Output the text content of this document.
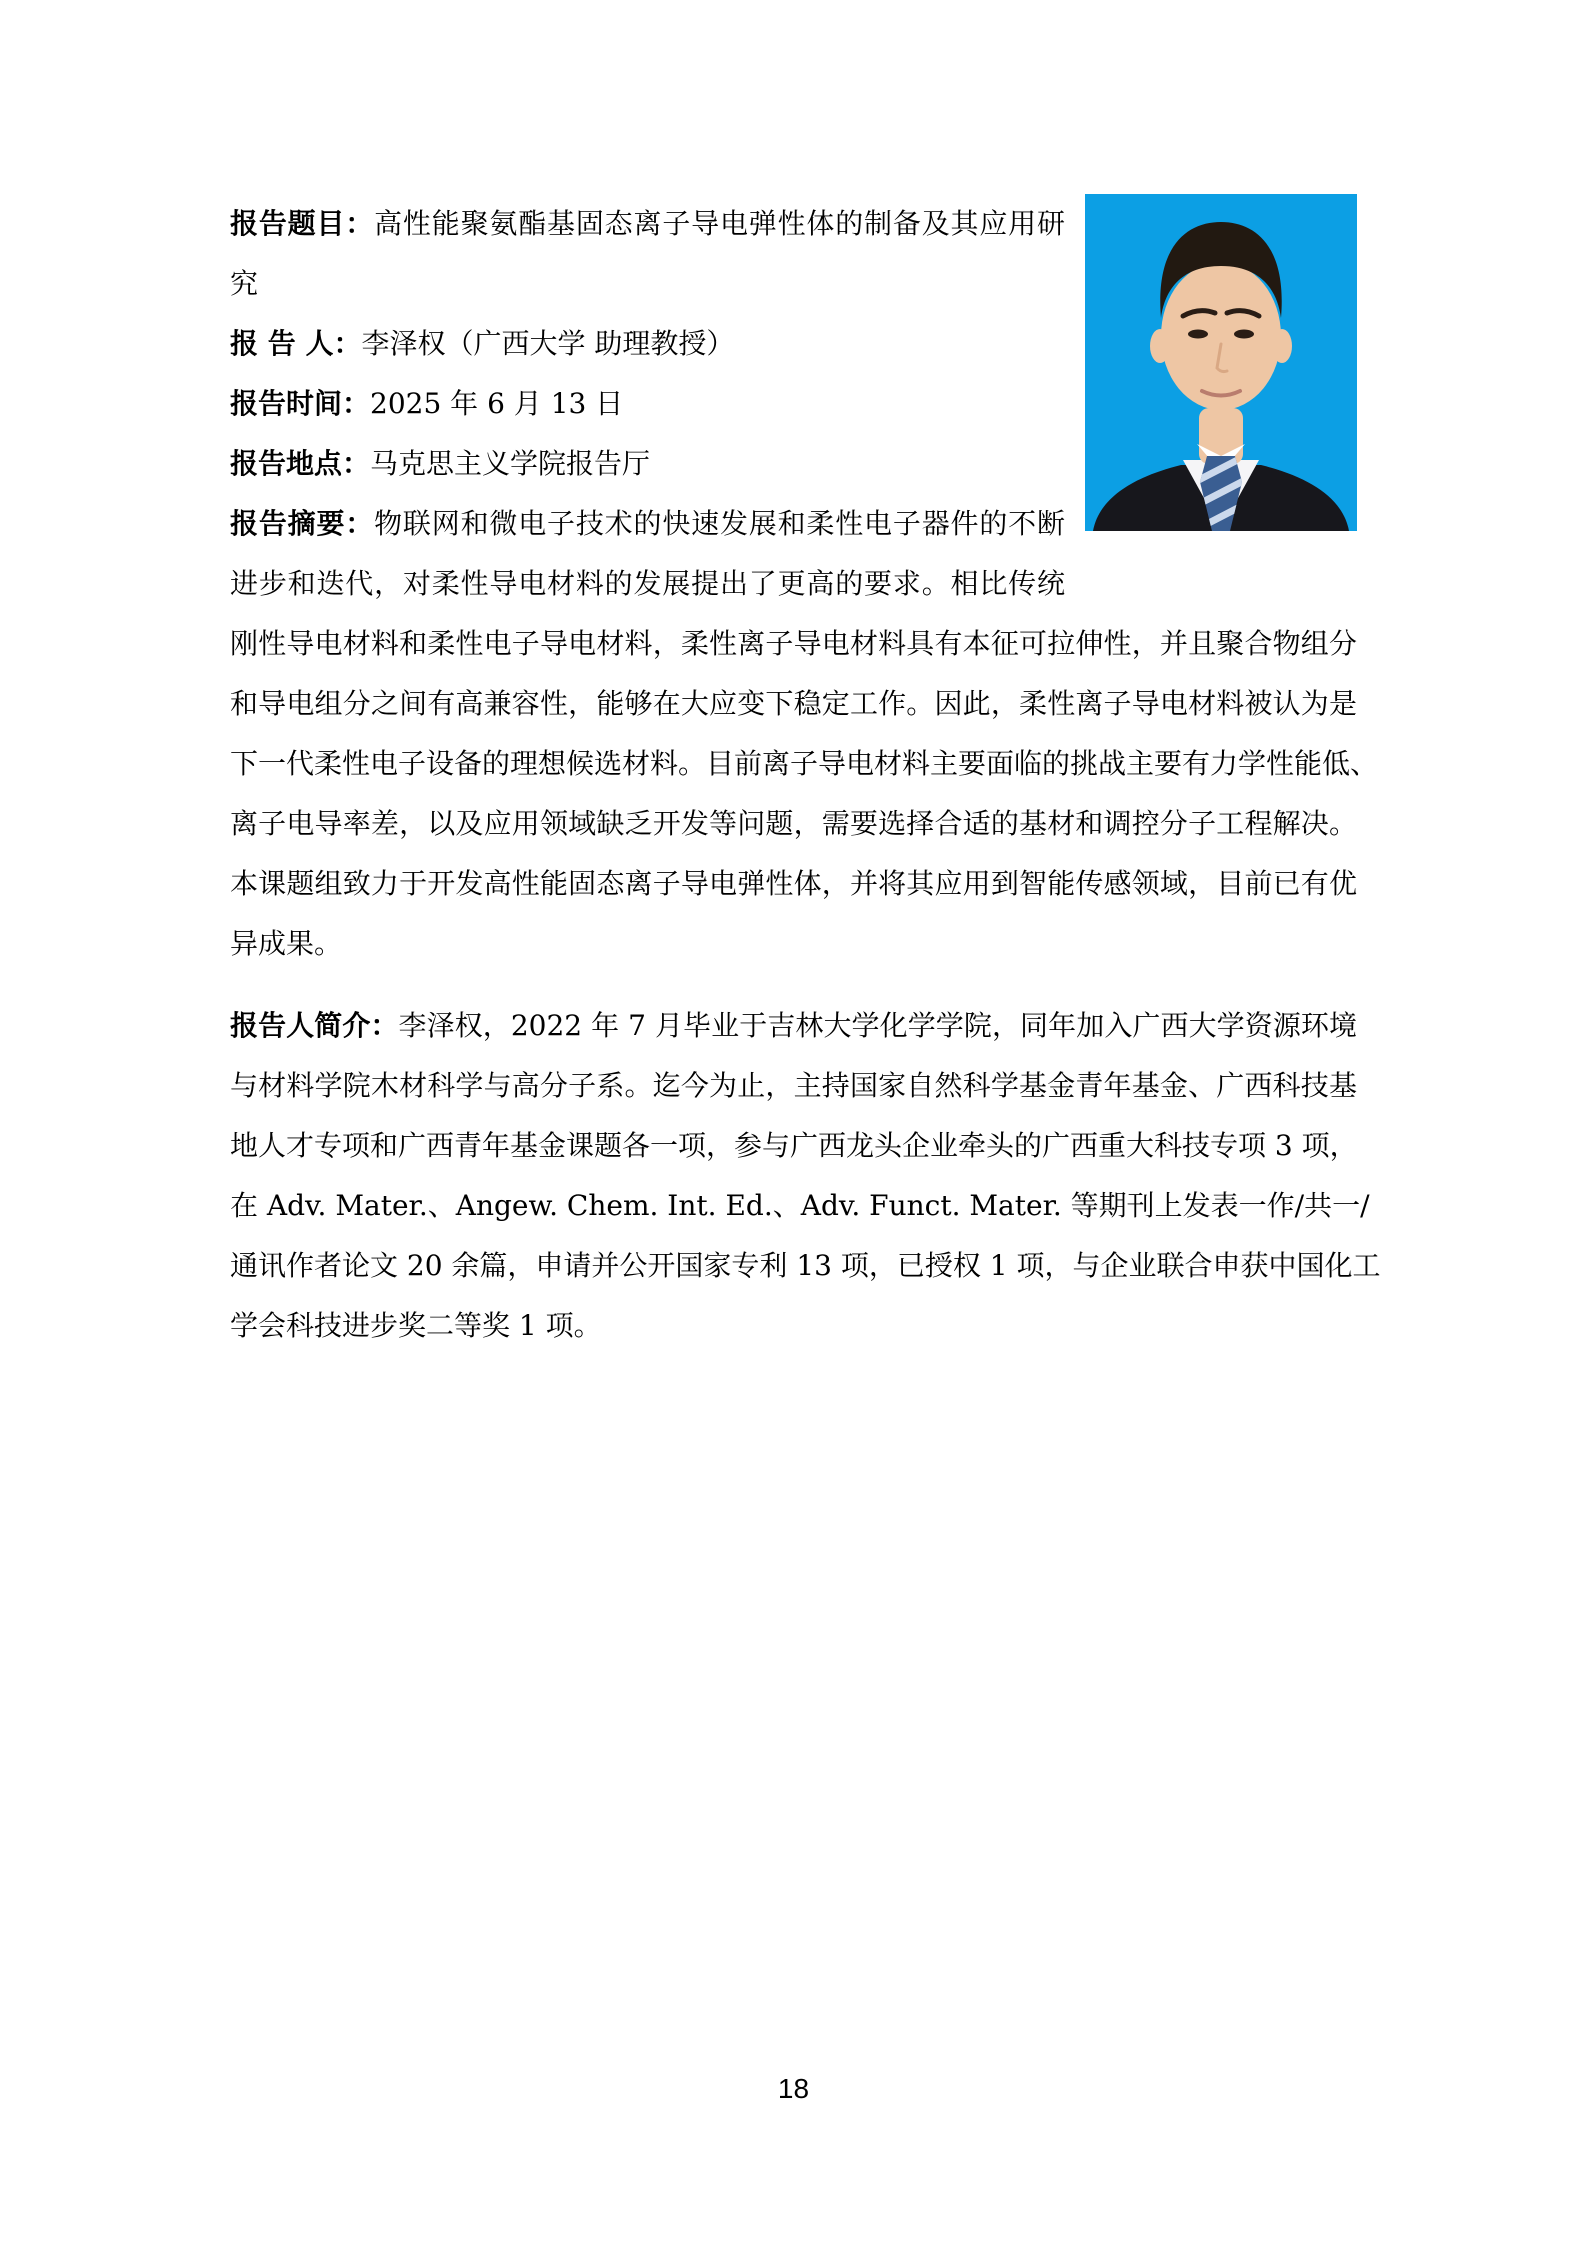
报告题目：高性能聚氨酯基固态离子导电弹性体的制备及其应用研
究
报 告 人：李泽权（广西大学 助理教授）
报告时间：2025 年 6 月 13 日
报告地点：马克思主义学院报告厅
报告摘要：物联网和微电子技术的快速发展和柔性电子器件的不断
进步和迭代，对柔性导电材料的发展提出了更高的要求。相比传统
刚性导电材料和柔性电子导电材料，柔性离子导电材料具有本征可拉伸性，并且聚合物组分
和导电组分之间有高兼容性，能够在大应变下稳定工作。因此，柔性离子导电材料被认为是
下一代柔性电子设备的理想候选材料。目前离子导电材料主要面临的挑战主要有力学性能低、
离子电导率差，以及应用领域缺乏开发等问题，需要选择合适的基材和调控分子工程解决。
本课题组致力于开发高性能固态离子导电弹性体，并将其应用到智能传感领域，目前已有优
异成果。
报告人简介：李泽权，2022 年 7 月毕业于吉林大学化学学院，同年加入广西大学资源环境
与材料学院木材科学与高分子系。迄今为止，主持国家自然科学基金青年基金、广西科技基
地人才专项和广西青年基金课题各一项，参与广西龙头企业牵头的广西重大科技专项 3 项，
在 Adv. Mater.、Angew. Chem. Int. Ed.、Adv. Funct. Mater. 等期刊上发表一作/共一/
通讯作者论文 20 余篇，申请并公开国家专利 13 项，已授权 1 项，与企业联合申获中国化工
学会科技进步奖二等奖 1 项。
18
